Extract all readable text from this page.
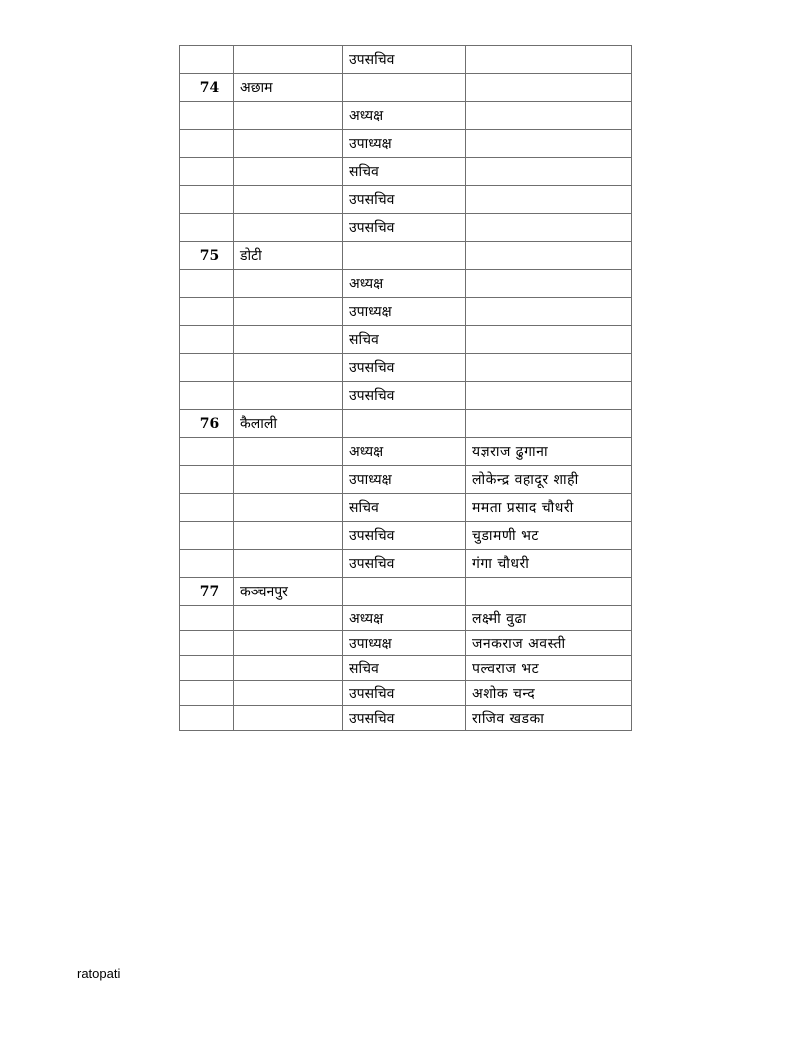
		उपसचिव	
74	अछाम		
		अध्यक्ष	
		उपाध्यक्ष	
		सचिव	
		उपसचिव	
		उपसचिव	
75	डोटी		
		अध्यक्ष	
		उपाध्यक्ष	
		सचिव	
		उपसचिव	
		उपसचिव	
76	कैलाली		
		अध्यक्ष	यज्ञराज ढुगाना
		उपाध्यक्ष	लोकेन्द्र वहादूर शाही
		सचिव	ममता प्रसाद चौधरी
		उपसचिव	चुडामणी भट
		उपसचिव	गंगा चौधरी
77	कञ्चनपुर		
		अध्यक्ष	लक्ष्मी वुढा
		उपाध्यक्ष	जनकराज अवस्ती
		सचिव	पल्वराज भट
		उपसचिव	अशोक चन्द
		उपसचिव	राजिव खडका
ratopati
